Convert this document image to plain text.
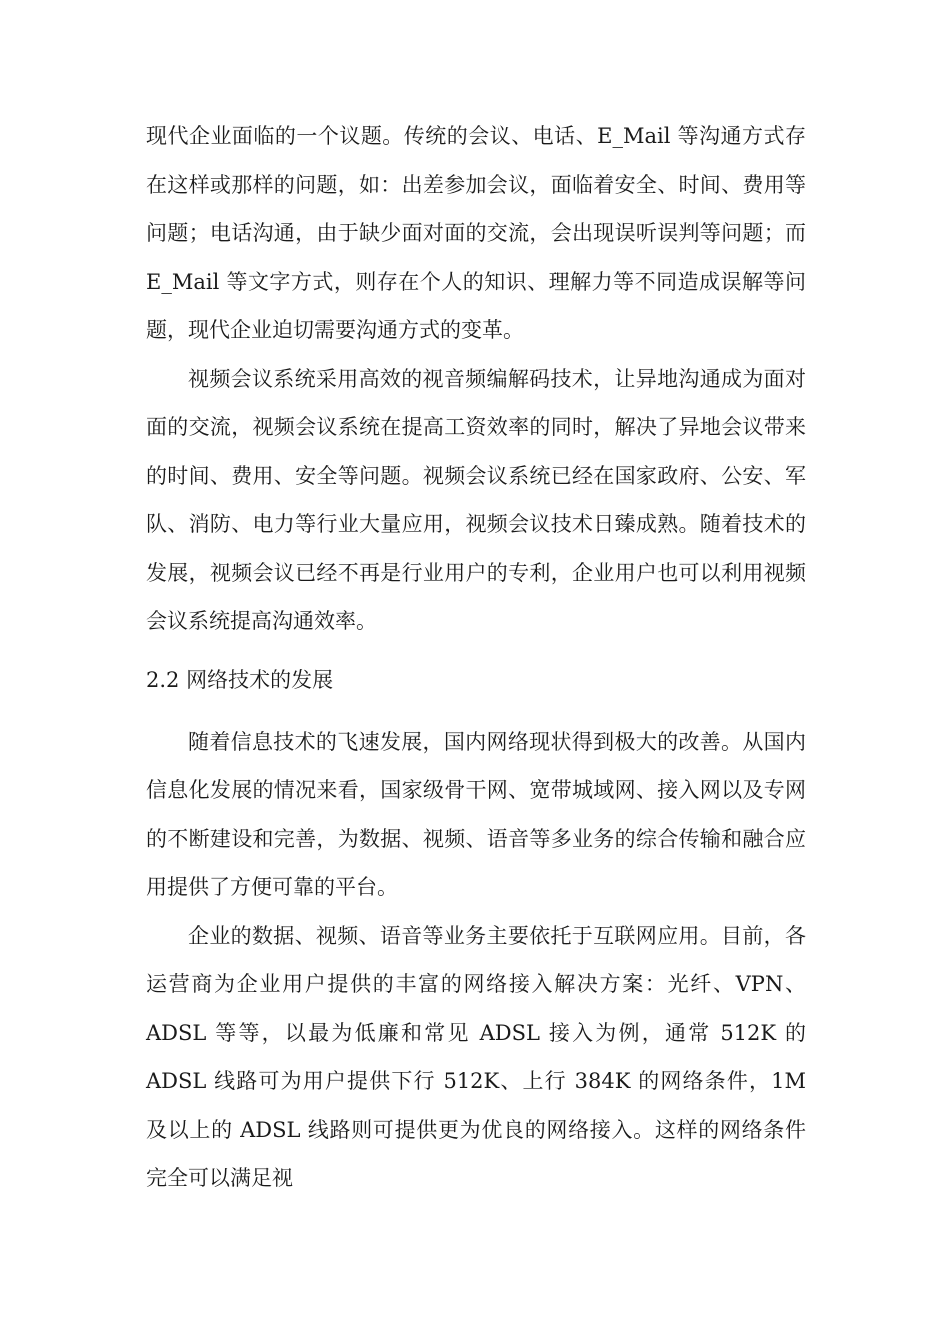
现代企业面临的一个议题。传统的会议、电话、E_Mail 等沟通方式存在这样或那样的问题，如：出差参加会议，面临着安全、时间、费用等问题；电话沟通，由于缺少面对面的交流，会出现误听误判等问题；而 E_Mail 等文字方式，则存在个人的知识、理解力等不同造成误解等问题，现代企业迫切需要沟通方式的变革。

视频会议系统采用高效的视音频编解码技术，让异地沟通成为面对面的交流，视频会议系统在提高工资效率的同时，解决了异地会议带来的时间、费用、安全等问题。视频会议系统已经在国家政府、公安、军队、消防、电力等行业大量应用，视频会议技术日臻成熟。随着技术的发展，视频会议已经不再是行业用户的专利，企业用户也可以利用视频会议系统提高沟通效率。

2.2 网络技术的发展

随着信息技术的飞速发展，国内网络现状得到极大的改善。从国内信息化发展的情况来看，国家级骨干网、宽带城域网、接入网以及专网的不断建设和完善，为数据、视频、语音等多业务的综合传输和融合应用提供了方便可靠的平台。

企业的数据、视频、语音等业务主要依托于互联网应用。目前，各运营商为企业用户提供的丰富的网络接入解决方案：光纤、VPN、ADSL 等等，以最为低廉和常见 ADSL 接入为例，通常 512K 的 ADSL 线路可为用户提供下行 512K、上行 384K 的网络条件，1M 及以上的 ADSL 线路则可提供更为优良的网络接入。这样的网络条件完全可以满足视
